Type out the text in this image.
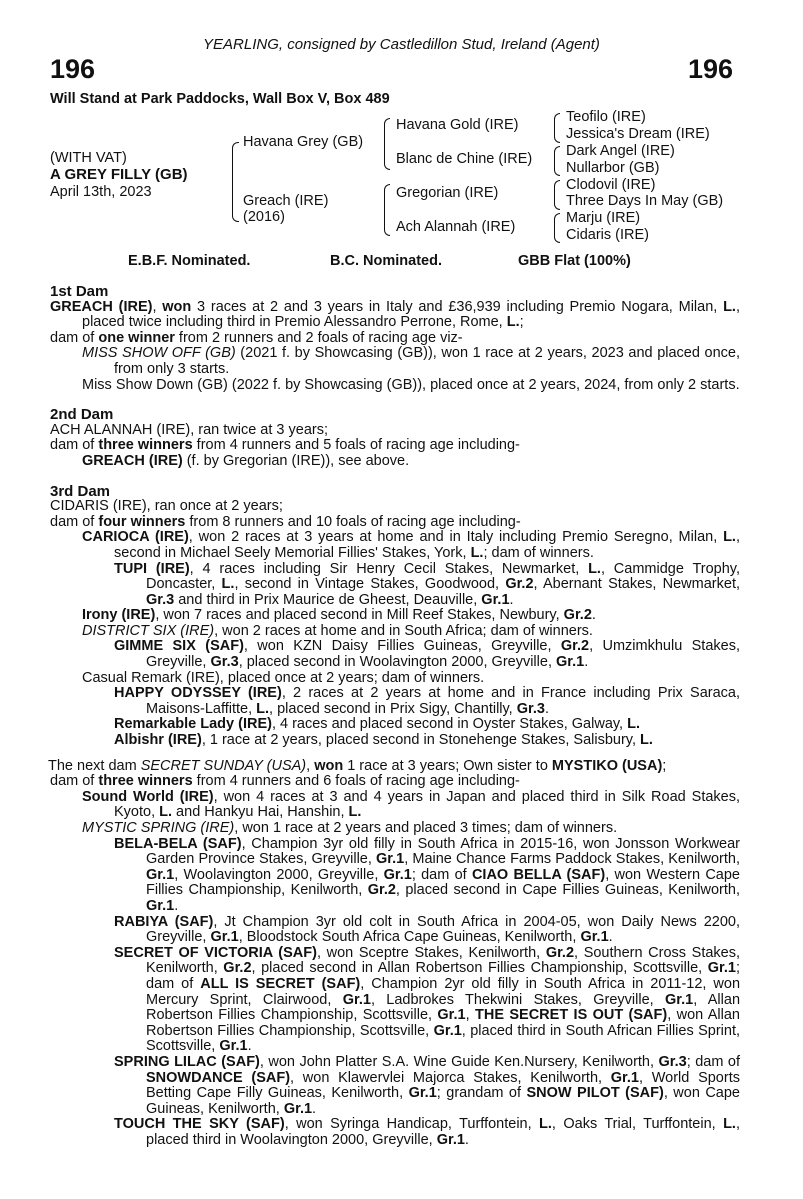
YEARLING, consigned by Castledillon Stud, Ireland (Agent)
196	196
Will Stand at Park Paddocks, Wall Box V, Box 489
(WITH VAT)
A GREY FILLY (GB)
April 13th, 2023
Havana Grey (GB)
Greach (IRE)
(2016)
Havana Gold (IRE)
Blanc de Chine (IRE)
Gregorian (IRE)
Ach Alannah (IRE)
Teofilo (IRE)
Jessica's Dream (IRE)
Dark Angel (IRE)
Nullarbor (GB)
Clodovil (IRE)
Three Days In May (GB)
Marju (IRE)
Cidaris (IRE)
E.B.F. Nominated.	B.C. Nominated.	GBB Flat (100%)
1st Dam
GREACH (IRE), won 3 races at 2 and 3 years in Italy and £36,939 including Premio Nogara, Milan, L., placed twice including third in Premio Alessandro Perrone, Rome, L.;
dam of one winner from 2 runners and 2 foals of racing age viz-
MISS SHOW OFF (GB) (2021 f. by Showcasing (GB)), won 1 race at 2 years, 2023 and placed once, from only 3 starts.
Miss Show Down (GB) (2022 f. by Showcasing (GB)), placed once at 2 years, 2024, from only 2 starts.
2nd Dam
ACH ALANNAH (IRE), ran twice at 3 years;
dam of three winners from 4 runners and 5 foals of racing age including-
GREACH (IRE) (f. by Gregorian (IRE)), see above.
3rd Dam
CIDARIS (IRE), ran once at 2 years;
dam of four winners from 8 runners and 10 foals of racing age including-
CARIOCA (IRE), won 2 races at 3 years at home and in Italy including Premio Seregno, Milan, L., second in Michael Seely Memorial Fillies' Stakes, York, L.; dam of winners.
TUPI (IRE), 4 races including Sir Henry Cecil Stakes, Newmarket, L., Cammidge Trophy, Doncaster, L., second in Vintage Stakes, Goodwood, Gr.2, Abernant Stakes, Newmarket, Gr.3 and third in Prix Maurice de Gheest, Deauville, Gr.1.
Irony (IRE), won 7 races and placed second in Mill Reef Stakes, Newbury, Gr.2.
DISTRICT SIX (IRE), won 2 races at home and in South Africa; dam of winners.
GIMME SIX (SAF), won KZN Daisy Fillies Guineas, Greyville, Gr.2, Umzimkhulu Stakes, Greyville, Gr.3, placed second in Woolavington 2000, Greyville, Gr.1.
Casual Remark (IRE), placed once at 2 years; dam of winners.
HAPPY ODYSSEY (IRE), 2 races at 2 years at home and in France including Prix Saraca, Maisons-Laffitte, L., placed second in Prix Sigy, Chantilly, Gr.3.
Remarkable Lady (IRE), 4 races and placed second in Oyster Stakes, Galway, L.
Albishr (IRE), 1 race at 2 years, placed second in Stonehenge Stakes, Salisbury, L.
The next dam SECRET SUNDAY (USA), won 1 race at 3 years; Own sister to MYSTIKO (USA);
dam of three winners from 4 runners and 6 foals of racing age including-
Sound World (IRE), won 4 races at 3 and 4 years in Japan and placed third in Silk Road Stakes, Kyoto, L. and Hankyu Hai, Hanshin, L.
MYSTIC SPRING (IRE), won 1 race at 2 years and placed 3 times; dam of winners.
BELA-BELA (SAF), Champion 3yr old filly in South Africa in 2015-16, won Jonsson Workwear Garden Province Stakes, Greyville, Gr.1, Maine Chance Farms Paddock Stakes, Kenilworth, Gr.1, Woolavington 2000, Greyville, Gr.1; dam of CIAO BELLA (SAF), won Western Cape Fillies Championship, Kenilworth, Gr.2, placed second in Cape Fillies Guineas, Kenilworth, Gr.1.
RABIYA (SAF), Jt Champion 3yr old colt in South Africa in 2004-05, won Daily News 2200, Greyville, Gr.1, Bloodstock South Africa Cape Guineas, Kenilworth, Gr.1.
SECRET OF VICTORIA (SAF), won Sceptre Stakes, Kenilworth, Gr.2, Southern Cross Stakes, Kenilworth, Gr.2, placed second in Allan Robertson Fillies Championship, Scottsville, Gr.1; dam of ALL IS SECRET (SAF), Champion 2yr old filly in South Africa in 2011-12, won Mercury Sprint, Clairwood, Gr.1, Ladbrokes Thekwini Stakes, Greyville, Gr.1, Allan Robertson Fillies Championship, Scottsville, Gr.1, THE SECRET IS OUT (SAF), won Allan Robertson Fillies Championship, Scottsville, Gr.1, placed third in South African Fillies Sprint, Scottsville, Gr.1.
SPRING LILAC (SAF), won John Platter S.A. Wine Guide Ken.Nursery, Kenilworth, Gr.3; dam of SNOWDANCE (SAF), won Klawervlei Majorca Stakes, Kenilworth, Gr.1, World Sports Betting Cape Filly Guineas, Kenilworth, Gr.1; grandam of SNOW PILOT (SAF), won Cape Guineas, Kenilworth, Gr.1.
TOUCH THE SKY (SAF), won Syringa Handicap, Turffontein, L., Oaks Trial, Turffontein, L., placed third in Woolavington 2000, Greyville, Gr.1.
